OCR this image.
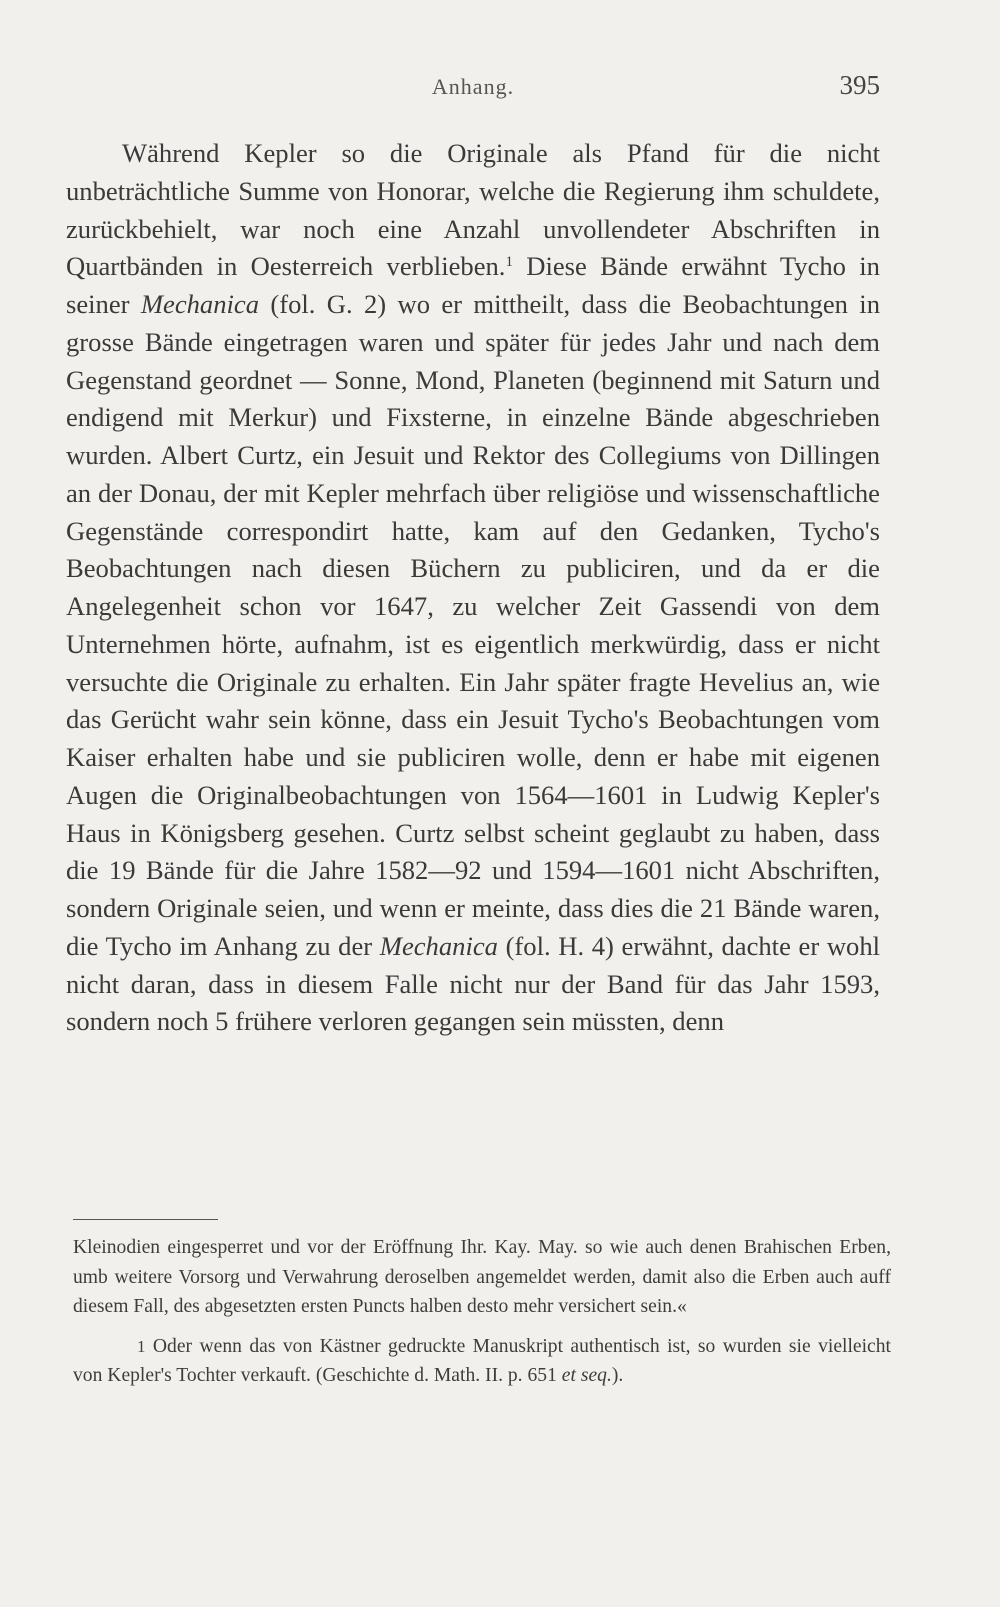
Anhang.	395

Während Kepler so die Originale als Pfand für die nicht unbeträchtliche Summe von Honorar, welche die Regierung ihm schuldete, zurückbehielt, war noch eine Anzahl unvollendeter Abschriften in Quartbänden in Oesterreich verblieben.$^1$ Diese Bände erwähnt Tycho in seiner Mechanica (fol. G. 2) wo er mittheilt, dass die Beobachtungen in grosse Bände eingetragen waren und später für jedes Jahr und nach dem Gegenstand geordnet — Sonne, Mond, Planeten (beginnend mit Saturn und endigend mit Merkur) und Fixsterne, in einzelne Bände abgeschrieben wurden. Albert Curtz, ein Jesuit und Rektor des Collegiums von Dillingen an der Donau, der mit Kepler mehrfach über religiöse und wissenschaftliche Gegenstände correspondirt hatte, kam auf den Gedanken, Tycho's Beobachtungen nach diesen Büchern zu publiciren, und da er die Angelegenheit schon vor 1647, zu welcher Zeit Gassendi von dem Unternehmen hörte, aufnahm, ist es eigentlich merkwürdig, dass er nicht versuchte die Originale zu erhalten. Ein Jahr später fragte Hevelius an, wie das Gerücht wahr sein könne, dass ein Jesuit Tycho's Beobachtungen vom Kaiser erhalten habe und sie publiciren wolle, denn er habe mit eigenen Augen die Originalbeobachtungen von 1564—1601 in Ludwig Kepler's Haus in Königsberg gesehen. Curtz selbst scheint geglaubt zu haben, dass die 19 Bände für die Jahre 1582—92 und 1594—1601 nicht Abschriften, sondern Originale seien, und wenn er meinte, dass dies die 21 Bände waren, die Tycho im Anhang zu der Mechanica (fol. H. 4) erwähnt, dachte er wohl nicht daran, dass in diesem Falle nicht nur der Band für das Jahr 1593, sondern noch 5 frühere verloren gegangen sein müssten, denn

Kleinodien eingesperret und vor der Eröffnung Ihr. Kay. May. so wie auch denen Brahischen Erben, umb weitere Vorsorg und Verwahrung deroselben angemeldet werden, damit also die Erben auch auff diesem Fall, des abgesetzten ersten Puncts halben desto mehr versichert sein.«

1 Oder wenn das von Kästner gedruckte Manuskript authentisch ist, so wurden sie vielleicht von Kepler's Tochter verkauft. (Geschichte d. Math. II. p. 651 et seq.).
